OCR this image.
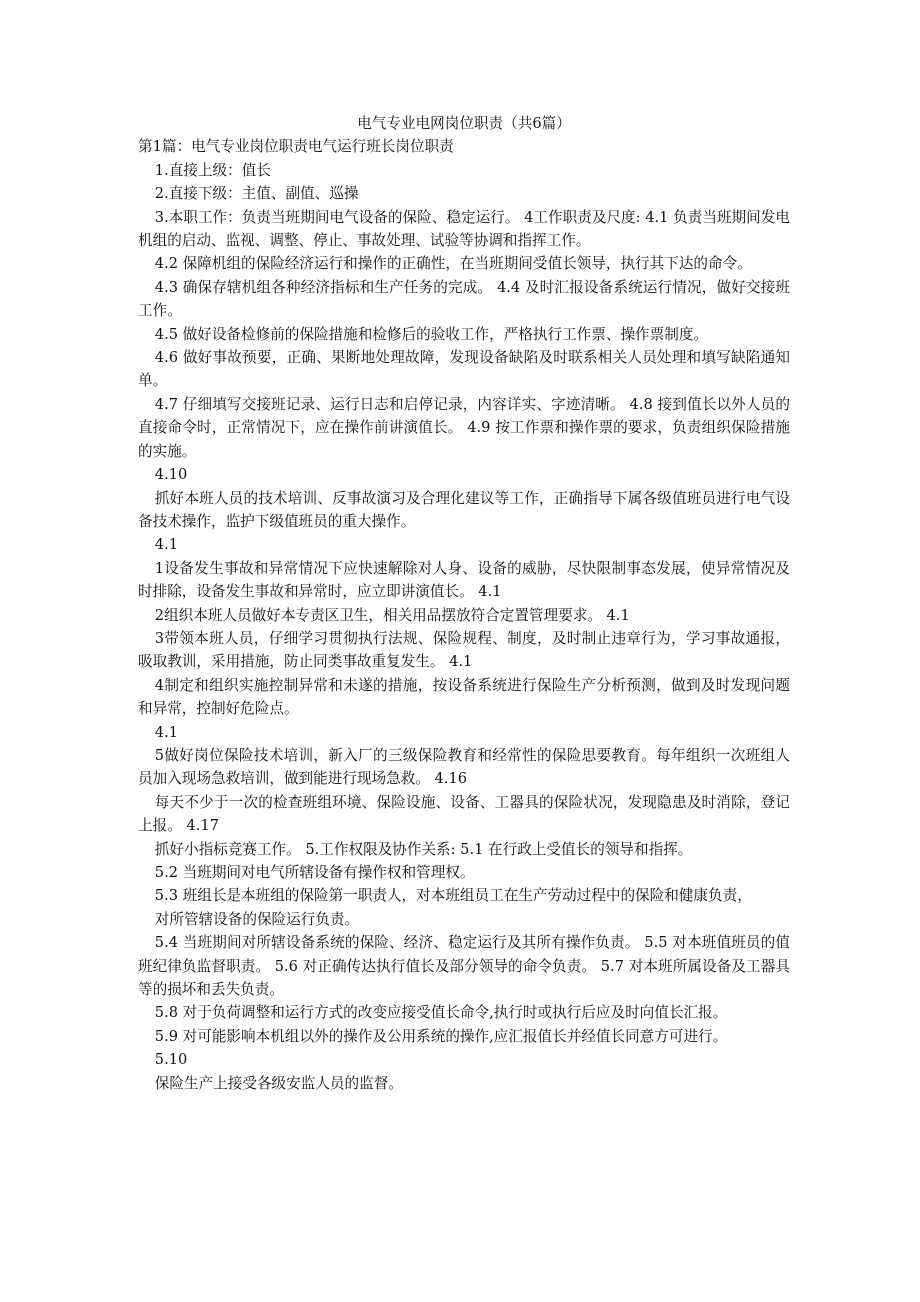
电气专业电网岗位职责（共6篇）

第1篇：电气专业岗位职责电气运行班长岗位职责

1.直接上级：值长

2.直接下级：主值、副值、巡操

3.本职工作：负责当班期间电气设备的保险、稳定运行。 4工作职责及尺度: 4.1 负责当班期间发电机组的启动、监视、调整、停止、事故处理、试验等协调和指挥工作。

4.2 保障机组的保险经济运行和操作的正确性，在当班期间受值长领导，执行其下达的命令。

4.3 确保存辖机组各种经济指标和生产任务的完成。 4.4 及时汇报设备系统运行情况，做好交接班工作。

4.5 做好设备检修前的保险措施和检修后的验收工作，严格执行工作票、操作票制度。

4.6 做好事故预要，正确、果断地处理故障，发现设备缺陷及时联系相关人员处理和填写缺陷通知单。

4.7 仔细填写交接班记录、运行日志和启停记录，内容详实、字迹清晰。 4.8 接到值长以外人员的直接命令时，正常情况下，应在操作前讲演值长。 4.9 按工作票和操作票的要求，负责组织保险措施的实施。

4.10

抓好本班人员的技术培训、反事故演习及合理化建议等工作，正确指导下属各级值班员进行电气设备技术操作，监护下级值班员的重大操作。

4.1

1设备发生事故和异常情况下应快速解除对人身、设备的威胁，尽快限制事态发展，使异常情况及时排除，设备发生事故和异常时，应立即讲演值长。 4.1

2组织本班人员做好本专责区卫生，相关用品摆放符合定置管理要求。 4.1

3带领本班人员，仔细学习贯彻执行法规、保险规程、制度，及时制止违章行为，学习事故通报，吸取教训，采用措施，防止同类事故重复发生。 4.1

4制定和组织实施控制异常和未遂的措施，按设备系统进行保险生产分析预测，做到及时发现问题和异常，控制好危险点。

4.1

5做好岗位保险技术培训，新入厂的三级保险教育和经常性的保险思要教育。每年组织一次班组人员加入现场急救培训，做到能进行现场急救。 4.16

每天不少于一次的检查班组环境、保险设施、设备、工器具的保险状况，发现隐患及时消除，登记上报。 4.17

抓好小指标竞赛工作。 5.工作权限及协作关系: 5.1 在行政上受值长的领导和指挥。

5.2 当班期间对电气所辖设备有操作权和管理权。

5.3 班组长是本班组的保险第一职责人，对本班组员工在生产劳动过程中的保险和健康负责，

对所管辖设备的保险运行负责。

5.4 当班期间对所辖设备系统的保险、经济、稳定运行及其所有操作负责。 5.5 对本班值班员的值班纪律负监督职责。 5.6 对正确传达执行值长及部分领导的命令负责。 5.7 对本班所属设备及工器具等的损坏和丢失负责。

5.8 对于负荷调整和运行方式的改变应接受值长命令,执行时或执行后应及时向值长汇报。

5.9 对可能影响本机组以外的操作及公用系统的操作,应汇报值长并经值长同意方可进行。

5.10

保险生产上接受各级安监人员的监督。
